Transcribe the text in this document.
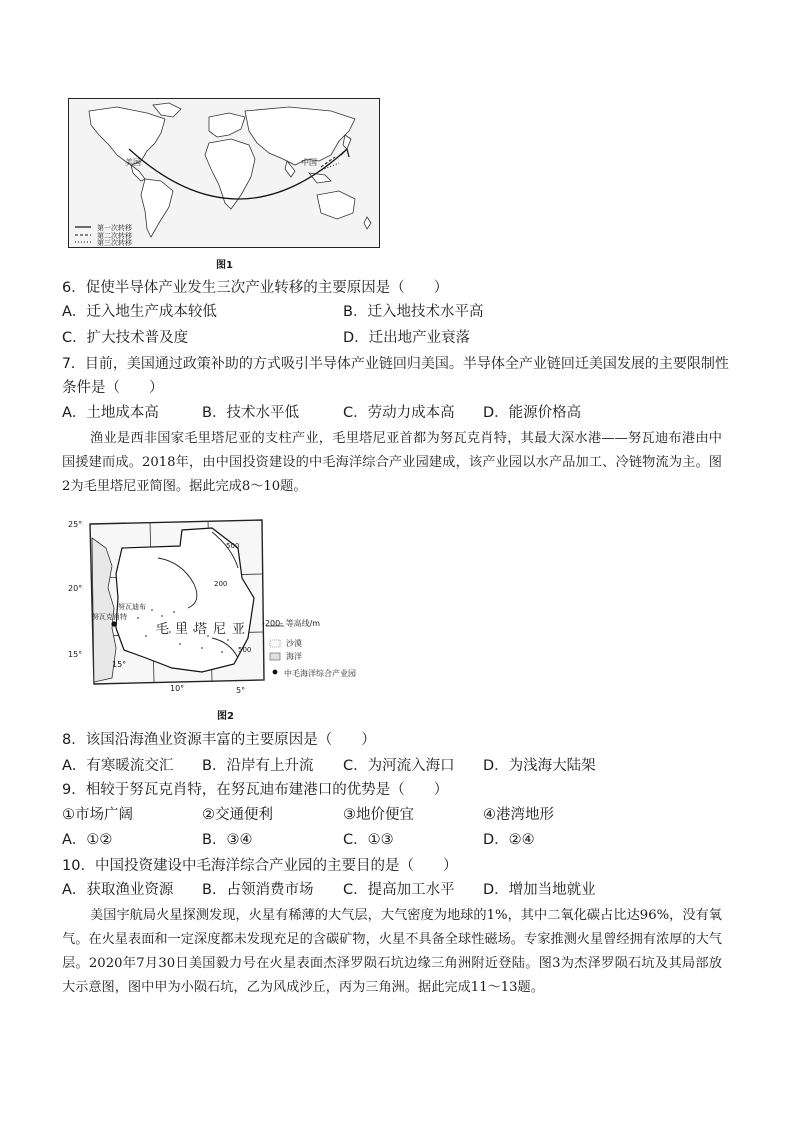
美国	中国
第一次转移
第二次转移
第三次转移
图1
6．促使半导体产业发生三次产业转移的主要原因是（　　）
A．迁入地生产成本较低	B．迁入地技术水平高
C．扩大技术普及度	D．迁出地产业衰落
7．目前，美国通过政策补助的方式吸引半导体产业链回归美国。半导体全产业链回迁美国发展的主要限制性
条件是（　　）
A．土地成本高	B．技术水平低	C．劳动力成本高 D．能源价格高
渔业是西非国家毛里塔尼亚的支柱产业，毛里塔尼亚首都为努瓦克肖特，其最大深水港——努瓦迪布港由中国援建而成。2018年，由中国投资建设的中毛海洋综合产业园建成，该产业园以水产品加工、冷链物流为主。图2为毛里塔尼亚简图。据此完成8～10题。
25°
20°
15°
15°
10°	5°
毛里塔尼亚
努瓦迪布
努瓦克肖特
500
200
500
-200- 等高线/m
沙漠
海洋
中毛海洋综合产业园
图2
8．该国沿海渔业资源丰富的主要原因是（　　）
A．有寒暖流交汇 B．沿岸有上升流 C．为河流入海口 D．为浅海大陆架
9．相较于努瓦克肖特，在努瓦迪布建港口的优势是（　　）
①市场广阔	②交通便利	③地价便宜	④港湾地形
A．①②	B．③④	C．①③	D．②④
10．中国投资建设中毛海洋综合产业园的主要目的是（　　）
A．获取渔业资源 B．占领消费市场 C．提高加工水平 D．增加当地就业
美国宇航局火星探测发现，火星有稀薄的大气层，大气密度为地球的1%，其中二氧化碳占比达96%，没有氧气。在火星表面和一定深度都未发现充足的含碳矿物，火星不具备全球性磁场。专家推测火星曾经拥有浓厚的大气层。2020年7月30日美国毅力号在火星表面杰泽罗陨石坑边缘三角洲附近登陆。图3为杰泽罗陨石坑及其局部放大示意图，图中甲为小陨石坑，乙为风成沙丘，丙为三角洲。据此完成11～13题。
